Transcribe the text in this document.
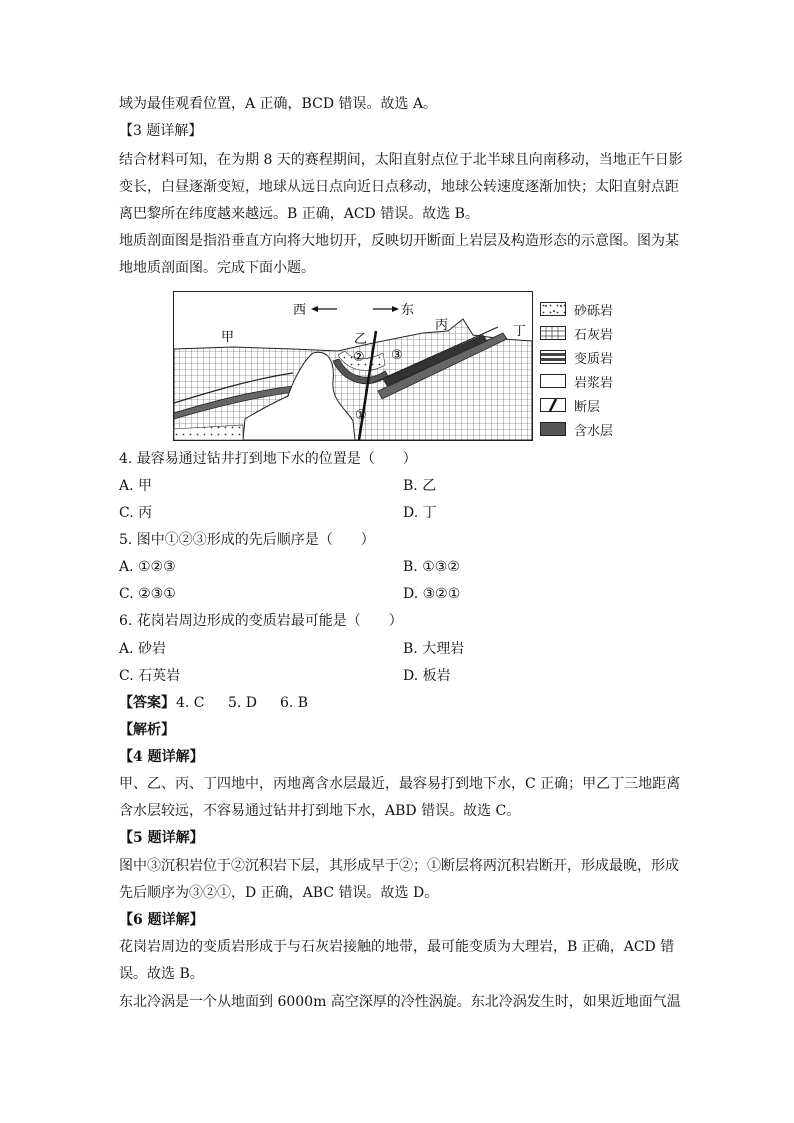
域为最佳观看位置，A 正确，BCD 错误。故选 A。
【3 题详解】
结合材料可知，在为期 8 天的赛程期间，太阳直射点位于北半球且向南移动，当地正午日影
变长，白昼逐渐变短，地球从远日点向近日点移动，地球公转速度逐渐加快；太阳直射点距
离巴黎所在纬度越来越远。B 正确，ACD 错误。故选 B。
地质剖面图是指沿垂直方向将大地切开，反映切开断面上岩层及构造形态的示意图。图为某
地地质剖面图。完成下面小题。
西	东
甲	乙
丙	丁
①
② ③
砂砾岩
石灰岩
变质岩
岩浆岩
断层
含水层
4. 最容易通过钻井打到地下水的位置是（　　）
A. 甲	B. 乙
C. 丙	D. 丁
5. 图中①②③形成的先后顺序是（　　）
A. ①②③	B. ①③②
C. ②③①	D. ③②①
6. 花岗岩周边形成的变质岩最可能是（　　）
A. 砂岩	B. 大理岩
C. 石英岩	D. 板岩
【答案】 4. C 5. D 6. B
【解析】
【4 题详解】
甲、乙、丙、丁四地中，丙地离含水层最近，最容易打到地下水，C 正确；甲乙丁三地距离
含水层较远，不容易通过钻井打到地下水，ABD 错误。故选 C。
【5 题详解】
图中③沉积岩位于②沉积岩下层，其形成早于②；①断层将两沉积岩断开，形成最晚，形成
先后顺序为③②①，D 正确，ABC 错误。故选 D。
【6 题详解】
花岗岩周边的变质岩形成于与石灰岩接触的地带，最可能变质为大理岩，B 正确，ACD 错
误。故选 B。
东北冷涡是一个从地面到 6000m 高空深厚的冷性涡旋。东北冷涡发生时，如果近地面气温
